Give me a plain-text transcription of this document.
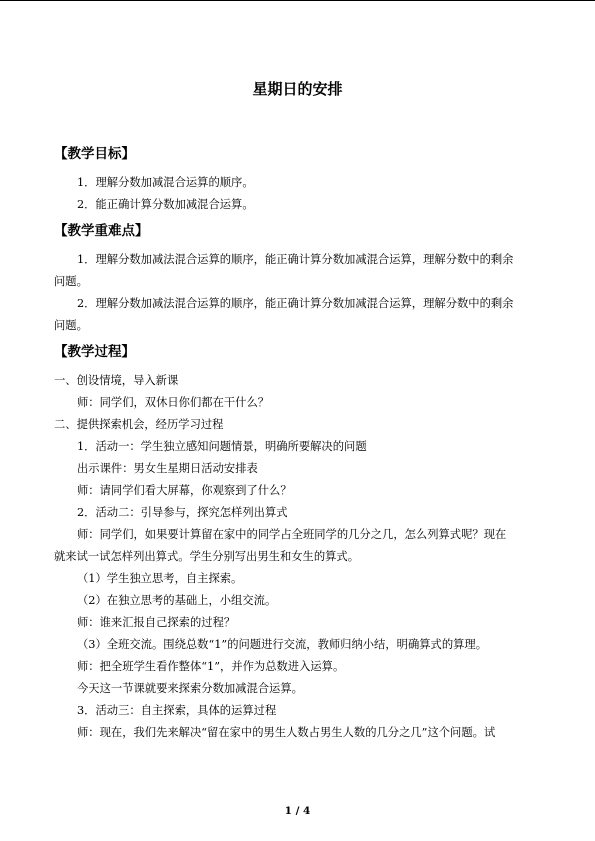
星期日的安排
【教学目标】
1．理解分数加减混合运算的顺序。
2．能正确计算分数加减混合运算。
【教学重难点】
1．理解分数加减法混合运算的顺序，能正确计算分数加减混合运算，理解分数中的剩余
问题。
2．理解分数加减法混合运算的顺序，能正确计算分数加减混合运算，理解分数中的剩余
问题。
【教学过程】
一、创设情境，导入新课
师：同学们，双休日你们都在干什么？
二、提供探索机会，经历学习过程
1．活动一：学生独立感知问题情景，明确所要解决的问题
出示课件：男女生星期日活动安排表
师：请同学们看大屏幕，你观察到了什么？
2．活动二：引导参与，探究怎样列出算式
师：同学们，如果要计算留在家中的同学占全班同学的几分之几，怎么列算式呢？现在
就来试一试怎样列出算式。学生分别写出男生和女生的算式。
（1）学生独立思考，自主探索。
（2）在独立思考的基础上，小组交流。
师：谁来汇报自己探索的过程？
（3）全班交流。围绕总数“1”的问题进行交流，教师归纳小结，明确算式的算理。
师：把全班学生看作整体“1”，并作为总数进入运算。
今天这一节课就要来探索分数加减混合运算。
3．活动三：自主探索，具体的运算过程
师：现在，我们先来解决“留在家中的男生人数占男生人数的几分之几”这个问题。试
1 / 4
